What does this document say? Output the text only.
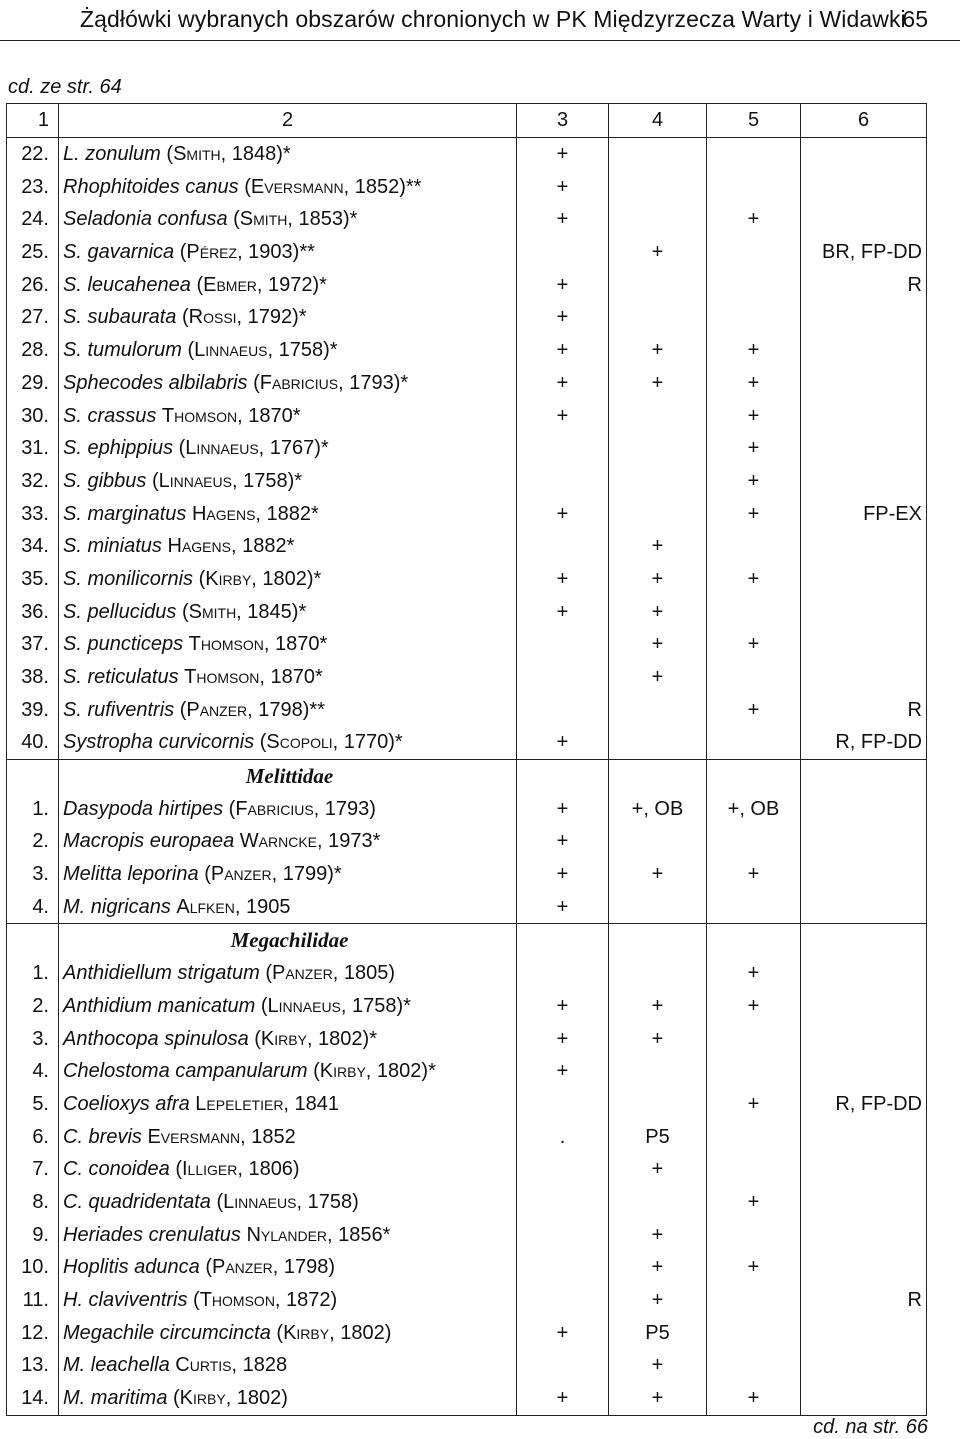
Żądłówki wybranych obszarów chronionych w PK Międzyrzecza Warty i Widawki
65
cd. ze str. 64
1	2	3	4	5	6
22.	L. zonulum (Smith, 1848)*	+			
23.	Rhophitoides canus (Eversmann, 1852)**	+			
24.	Seladonia confusa (Smith, 1853)*	+		+	
25.	S. gavarnica (Pérez, 1903)**		+		BR, FP-DD
26.	S. leucahenea (Ebmer, 1972)*	+			R
27.	S. subaurata (Rossi, 1792)*	+			
28.	S. tumulorum (Linnaeus, 1758)*	+	+	+	
29.	Sphecodes albilabris (Fabricius, 1793)*	+	+	+	
30.	S. crassus Thomson, 1870*	+		+	
31.	S. ephippius (Linnaeus, 1767)*			+	
32.	S. gibbus (Linnaeus, 1758)*			+	
33.	S. marginatus Hagens, 1882*	+		+	FP-EX
34.	S. miniatus Hagens, 1882*		+		
35.	S. monilicornis (Kirby, 1802)*	+	+	+	
36.	S. pellucidus (Smith, 1845)*	+	+		
37.	S. puncticeps Thomson, 1870*		+	+	
38.	S. reticulatus Thomson, 1870*		+		
39.	S. rufiventris (Panzer, 1798)**			+	R
40.	Systropha curvicornis (Scopoli, 1770)*	+			R, FP-DD

	Melittidae				

1.	Dasypoda hirtipes (Fabricius, 1793)	+	+, OB	+, OB	
2.	Macropis europaea Warncke, 1973*	+			
3.	Melitta leporina (Panzer, 1799)*	+	+	+	
4.	M. nigricans Alfken, 1905	+			

	Megachilidae				

1.	Anthidiellum strigatum (Panzer, 1805)			+	
2.	Anthidium manicatum (Linnaeus, 1758)*	+	+	+	
3.	Anthocopa spinulosa (Kirby, 1802)*	+	+		
4.	Chelostoma campanularum (Kirby, 1802)*	+			
5.	Coelioxys afra Lepeletier, 1841			+	R, FP-DD
6.	C. brevis Eversmann, 1852	.	P5		
7.	C. conoidea (Illiger, 1806)		+		
8.	C. quadridentata (Linnaeus, 1758)			+	
9.	Heriades crenulatus Nylander, 1856*		+		
10.	Hoplitis adunca (Panzer, 1798)		+	+	
11.	H. claviventris (Thomson, 1872)		+		R
12.	Megachile circumcincta (Kirby, 1802)	+	P5		
13.	M. leachella Curtis, 1828		+		
14.	M. maritima (Kirby, 1802)	+	+	+	
cd. na str. 66
